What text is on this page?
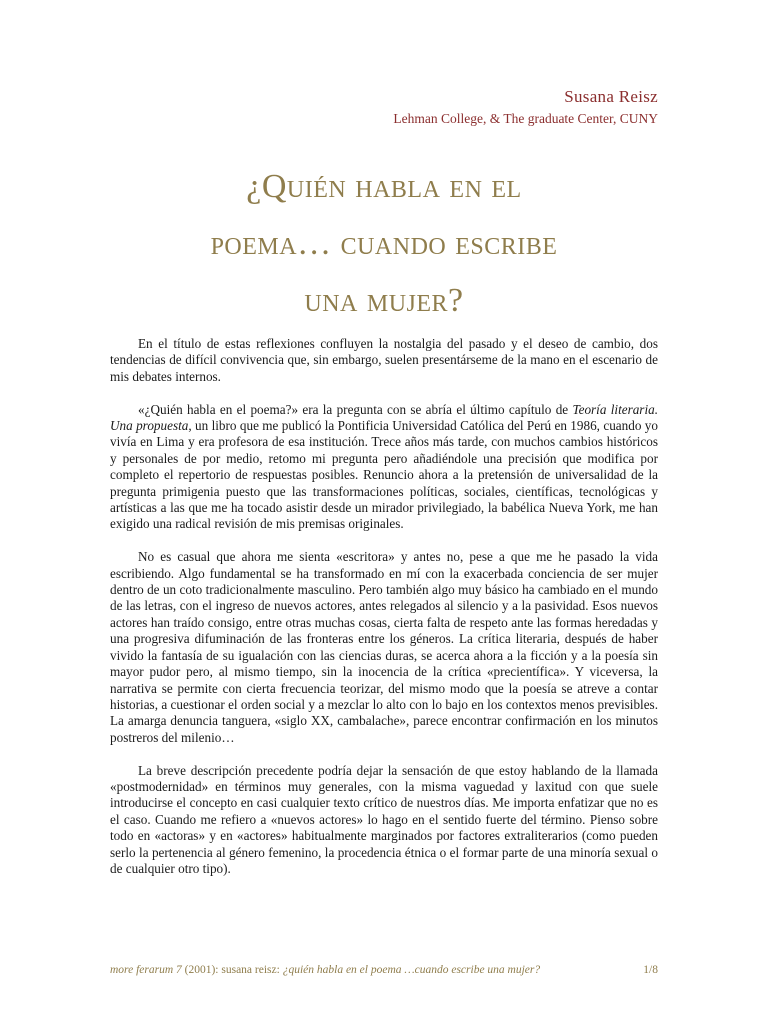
Susana Reisz
Lehman College, & The graduate Center, CUNY
¿Quién habla en el
poema… cuando escribe
una mujer?

En el título de estas reflexiones confluyen la nostalgia del pasado y el deseo de cambio, dos tendencias de difícil convivencia que, sin embargo, suelen presentárseme de la mano en el escenario de mis debates internos.

«¿Quién habla en el poema?» era la pregunta con se abría el último capítulo de Teoría literaria. Una propuesta, un libro que me publicó la Pontificia Universidad Católica del Perú en 1986, cuando yo vivía en Lima y era profesora de esa institución. Trece años más tarde, con muchos cambios históricos y personales de por medio, retomo mi pregunta pero añadiéndole una precisión que modifica por completo el repertorio de respuestas posibles. Renuncio ahora a la pretensión de universalidad de la pregunta primigenia puesto que las transformaciones políticas, sociales, científicas, tecnológicas y artísticas a las que me ha tocado asistir desde un mirador privilegiado, la babélica Nueva York, me han exigido una radical revisión de mis premisas originales.

No es casual que ahora me sienta «escritora» y antes no, pese a que me he pasado la vida escribiendo. Algo fundamental se ha transformado en mí con la exacerbada conciencia de ser mujer dentro de un coto tradicionalmente masculino. Pero también algo muy básico ha cambiado en el mundo de las letras, con el ingreso de nuevos actores, antes relegados al silencio y a la pasividad. Esos nuevos actores han traído consigo, entre otras muchas cosas, cierta falta de respeto ante las formas heredadas y una progresiva difuminación de las fronteras entre los géneros. La crítica literaria, después de haber vivido la fantasía de su igualación con las ciencias duras, se acerca ahora a la ficción y a la poesía sin mayor pudor pero, al mismo tiempo, sin la inocencia de la crítica «precientífica». Y viceversa, la narrativa se permite con cierta frecuencia teorizar, del mismo modo que la poesía se atreve a contar historias, a cuestionar el orden social y a mezclar lo alto con lo bajo en los contextos menos previsibles. La amarga denuncia tanguera, «siglo XX, cambalache», parece encontrar confirmación en los minutos postreros del milenio…

La breve descripción precedente podría dejar la sensación de que estoy hablando de la llamada «postmodernidad» en términos muy generales, con la misma vaguedad y laxitud con que suele introducirse el concepto en casi cualquier texto crítico de nuestros días. Me importa enfatizar que no es el caso. Cuando me refiero a «nuevos actores» lo hago en el sentido fuerte del término. Pienso sobre todo en «actoras» y en «actores» habitualmente marginados por factores extraliterarios (como pueden serlo la pertenencia al género femenino, la procedencia étnica o el formar parte de una minoría sexual o de cualquier otro tipo).

more ferarum 7 (2001): susana reisz: ¿quién habla en el poema …cuando escribe una mujer?	1/8
